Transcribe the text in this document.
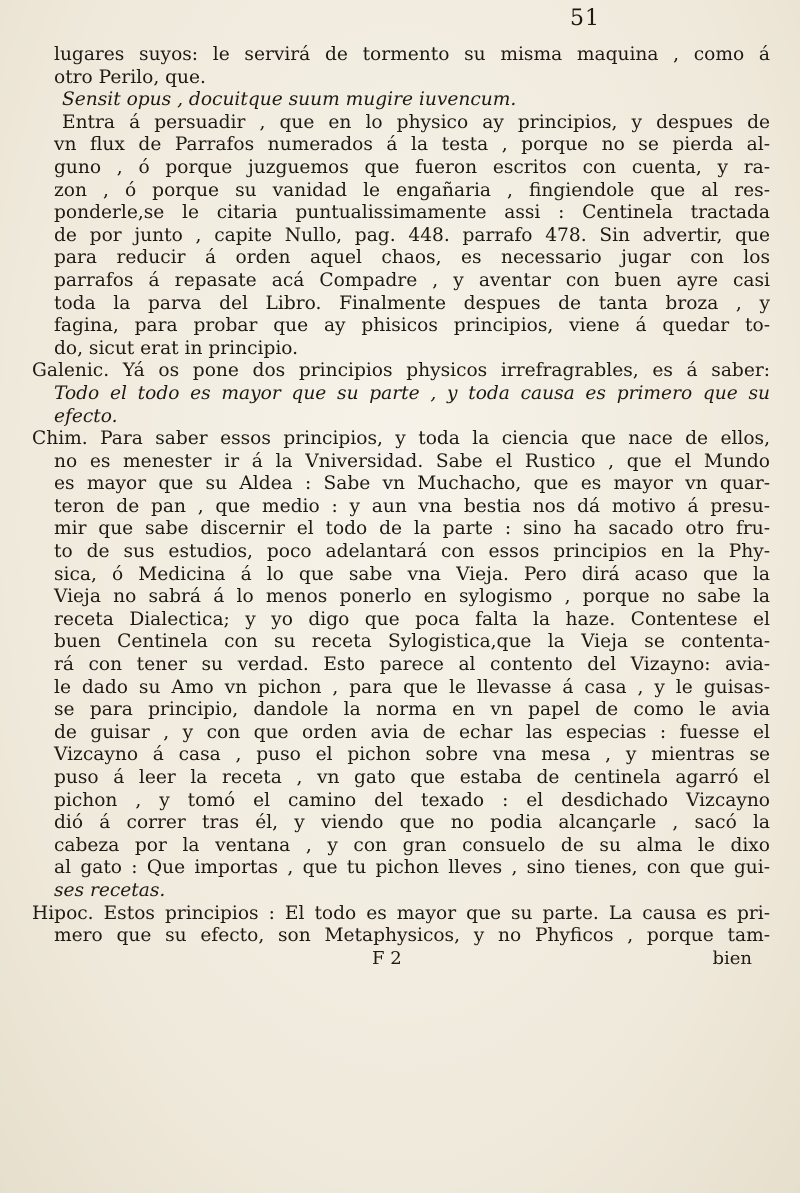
51
lugares suyos: le servirá de tormento su misma maquina , como á
otro Perilo, que.
Sensit opus , docuitque suum mugire iuvencum.
Entra á persuadir , que en lo physico ay principios, y despues de
vn flux de Parrafos numerados á la testa , porque no se pierda al-
guno , ó porque juzguemos que fueron escritos con cuenta, y ra-
zon , ó porque su vanidad le engañaria , fingiendole que al res-
ponderle,se le citaria puntualissimamente assi : Centinela tractada
de por junto , capite Nullo, pag. 448. parrafo 478. Sin advertir, que
para reducir á orden aquel chaos, es necessario jugar con los
parrafos á repasate acá Compadre , y aventar con buen ayre casi
toda la parva del Libro. Finalmente despues de tanta broza , y
fagina, para probar que ay phisicos principios, viene á quedar to-
do, sicut erat in principio.
Galenic. Yá os pone dos principios physicos irrefragrables, es á saber:
Todo el todo es mayor que su parte , y toda causa es primero que su
efecto.
Chim. Para saber essos principios, y toda la ciencia que nace de ellos,
no es menester ir á la Vniversidad. Sabe el Rustico , que el Mundo
es mayor que su Aldea : Sabe vn Muchacho, que es mayor vn quar-
teron de pan , que medio : y aun vna bestia nos dá motivo á presu-
mir que sabe discernir el todo de la parte : sino ha sacado otro fru-
to de sus estudios, poco adelantará con essos principios en la Phy-
sica, ó Medicina á lo que sabe vna Vieja. Pero dirá acaso que la
Vieja no sabrá á lo menos ponerlo en sylogismo , porque no sabe la
receta Dialectica; y yo digo que poca falta la haze. Contentese el
buen Centinela con su receta Sylogistica,que la Vieja se contenta-
rá con tener su verdad. Esto parece al contento del Vizayno: avia-
le dado su Amo vn pichon , para que le llevasse á casa , y le guisas-
se para principio, dandole la norma en vn papel de como le avia
de guisar , y con que orden avia de echar las especias : fuesse el
Vizcayno á casa , puso el pichon sobre vna mesa , y mientras se
puso á leer la receta , vn gato que estaba de centinela agarró el
pichon , y tomó el camino del texado : el desdichado Vizcayno
dió á correr tras él, y viendo que no podia alcançarle , sacó la
cabeza por la ventana , y con gran consuelo de su alma le dixo
al gato : Que importas , que tu pichon lleves , sino tienes, con que gui-
ses recetas.
Hipoc. Estos principios : El todo es mayor que su parte. La causa es pri-
mero que su efecto, son Metaphysicos, y no Phyficos , porque tam-
F 2	bien
